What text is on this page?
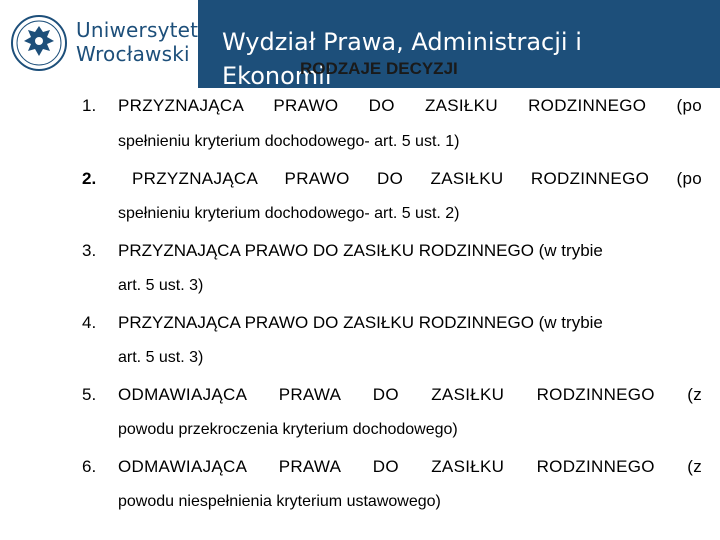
Uniwersytet
Wrocławski Wydział Prawa, Administracji i
Ekonomii
RODZAJE DECYZJI
1. PRZYZNAJĄCA PRAWO DO ZASIŁKU RODZINNEGO (po
spełnieniu kryterium dochodowego- art. 5 ust. 1)
2. PRZYZNAJĄCA PRAWO DO ZASIŁKU RODZINNEGO (po
spełnieniu kryterium dochodowego- art. 5 ust. 2)
3. PRZYZNAJĄCA PRAWO DO ZASIŁKU RODZINNEGO (w trybie
art. 5 ust. 3)
4. PRZYZNAJĄCA PRAWO DO ZASIŁKU RODZINNEGO (w trybie
art. 5 ust. 3)
5. ODMAWIAJĄCA PRAWA DO ZASIŁKU RODZINNEGO (z
powodu przekroczenia kryterium dochodowego)
6. ODMAWIAJĄCA PRAWA DO ZASIŁKU RODZINNEGO (z
powodu niespełnienia kryterium ustawowego)
